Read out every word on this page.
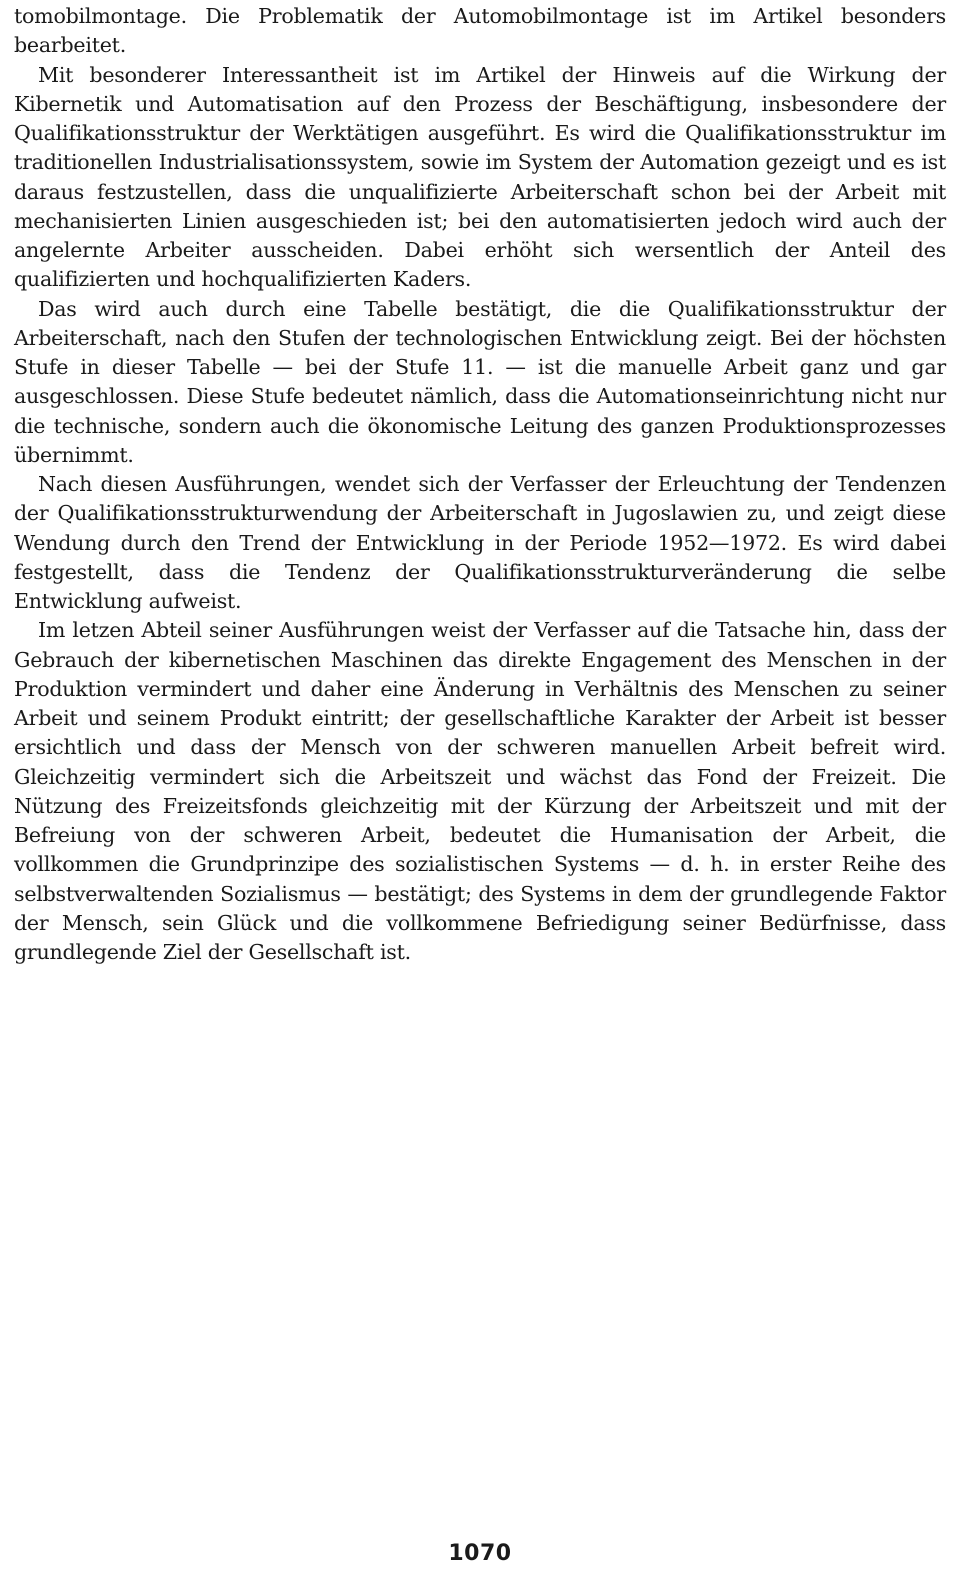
tomobilmontage. Die Problematik der Automobilmontage ist im Artikel besonders bearbeitet.

Mit besonderer Interessantheit ist im Artikel der Hinweis auf die Wirkung der Kibernetik und Automatisation auf den Prozess der Beschäftigung, insbesondere der Qualifikationsstruktur der Werktätigen ausgeführt. Es wird die Qualifikationsstruktur im traditionellen Industrialisationssystem, sowie im System der Automation gezeigt und es ist daraus festzustellen, dass die unqualifizierte Arbeiterschaft schon bei der Arbeit mit mechanisierten Linien ausgeschieden ist; bei den automatisierten jedoch wird auch der angelernte Arbeiter ausscheiden. Dabei erhöht sich wersentlich der Anteil des qualifizierten und hochqualifizierten Kaders.

Das wird auch durch eine Tabelle bestätigt, die die Qualifikationsstruktur der Arbeiterschaft, nach den Stufen der technologischen Entwicklung zeigt. Bei der höchsten Stufe in dieser Tabelle — bei der Stufe 11. — ist die manuelle Arbeit ganz und gar ausgeschlossen. Diese Stufe bedeutet nämlich, dass die Automationseinrichtung nicht nur die technische, sondern auch die ökonomische Leitung des ganzen Produktionsprozesses übernimmt.

Nach diesen Ausführungen, wendet sich der Verfasser der Erleuchtung der Tendenzen der Qualifikationsstrukturwendung der Arbeiterschaft in Jugoslawien zu, und zeigt diese Wendung durch den Trend der Entwicklung in der Periode 1952—1972. Es wird dabei festgestellt, dass die Tendenz der Qualifikationsstrukturveränderung die selbe Entwicklung aufweist.

Im letzen Abteil seiner Ausführungen weist der Verfasser auf die Tatsache hin, dass der Gebrauch der kibernetischen Maschinen das direkte Engagement des Menschen in der Produktion vermindert und daher eine Änderung in Verhältnis des Menschen zu seiner Arbeit und seinem Produkt eintritt; der gesellschaftliche Karakter der Arbeit ist besser ersichtlich und dass der Mensch von der schweren manuellen Arbeit befreit wird. Gleichzeitig vermindert sich die Arbeitszeit und wächst das Fond der Freizeit. Die Nützung des Freizeitsfonds gleichzeitig mit der Kürzung der Arbeitszeit und mit der Befreiung von der schweren Arbeit, bedeutet die Humanisation der Arbeit, die vollkommen die Grundprinzipe des sozialistischen Systems — d. h. in erster Reihe des selbstverwaltenden Sozialismus — bestätigt; des Systems in dem der grundlegende Faktor der Mensch, sein Glück und die vollkommene Befriedigung seiner Bedürfnisse, dass grundlegende Ziel der Gesellschaft ist.

1070
